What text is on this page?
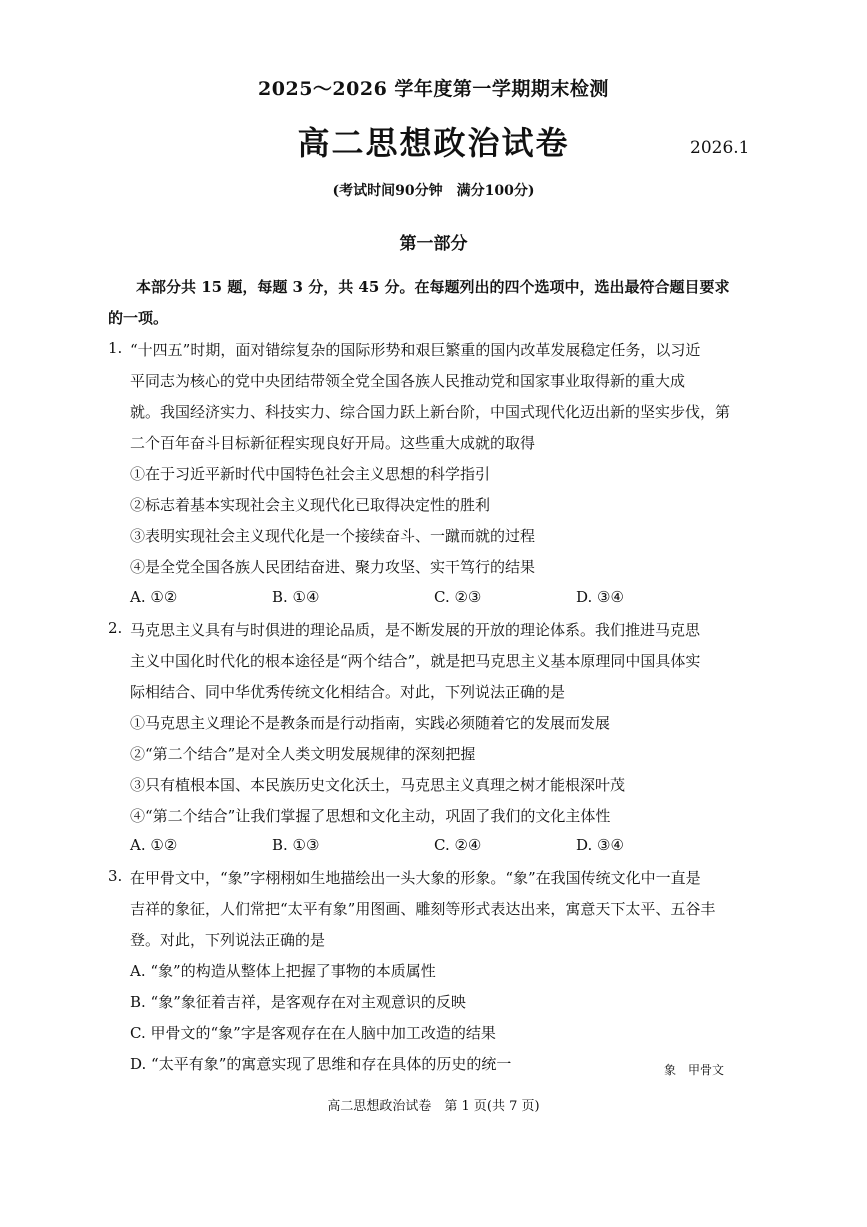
2025～2026 学年度第一学期期末检测
高二思想政治试卷	2026.1
(考试时间90分钟　满分100分)
第一部分
本部分共 15 题，每题 3 分，共 45 分。在每题列出的四个选项中，选出最符合题目要求
的一项。
1. “十四五”时期，面对错综复杂的国际形势和艰巨繁重的国内改革发展稳定任务，以习近
平同志为核心的党中央团结带领全党全国各族人民推动党和国家事业取得新的重大成
就。我国经济实力、科技实力、综合国力跃上新台阶，中国式现代化迈出新的坚实步伐，第
二个百年奋斗目标新征程实现良好开局。这些重大成就的取得
①在于习近平新时代中国特色社会主义思想的科学指引
②标志着基本实现社会主义现代化已取得决定性的胜利
③表明实现社会主义现代化是一个接续奋斗、一蹴而就的过程
④是全党全国各族人民团结奋进、聚力攻坚、实干笃行的结果
A. ①②	B. ①④	C. ②③	D. ③④
2. 马克思主义具有与时俱进的理论品质，是不断发展的开放的理论体系。我们推进马克思
主义中国化时代化的根本途径是“两个结合”，就是把马克思主义基本原理同中国具体实
际相结合、同中华优秀传统文化相结合。对此，下列说法正确的是
①马克思主义理论不是教条而是行动指南，实践必须随着它的发展而发展
②“第二个结合”是对全人类文明发展规律的深刻把握
③只有植根本国、本民族历史文化沃土，马克思主义真理之树才能根深叶茂
④“第二个结合”让我们掌握了思想和文化主动，巩固了我们的文化主体性
A. ①②	B. ①③	C. ②④	D. ③④
3. 在甲骨文中，“象”字栩栩如生地描绘出一头大象的形象。“象”在我国传统文化中一直是
吉祥的象征，人们常把“太平有象”用图画、雕刻等形式表达出来，寓意天下太平、五谷丰
登。对此，下列说法正确的是
A. “象”的构造从整体上把握了事物的本质属性
B. “象”象征着吉祥，是客观存在对主观意识的反映
C. 甲骨文的“象”字是客观存在在人脑中加工改造的结果
D. “太平有象”的寓意实现了思维和存在具体的历史的统一	象　甲骨文
高二思想政治试卷　第 1 页(共 7 页)
